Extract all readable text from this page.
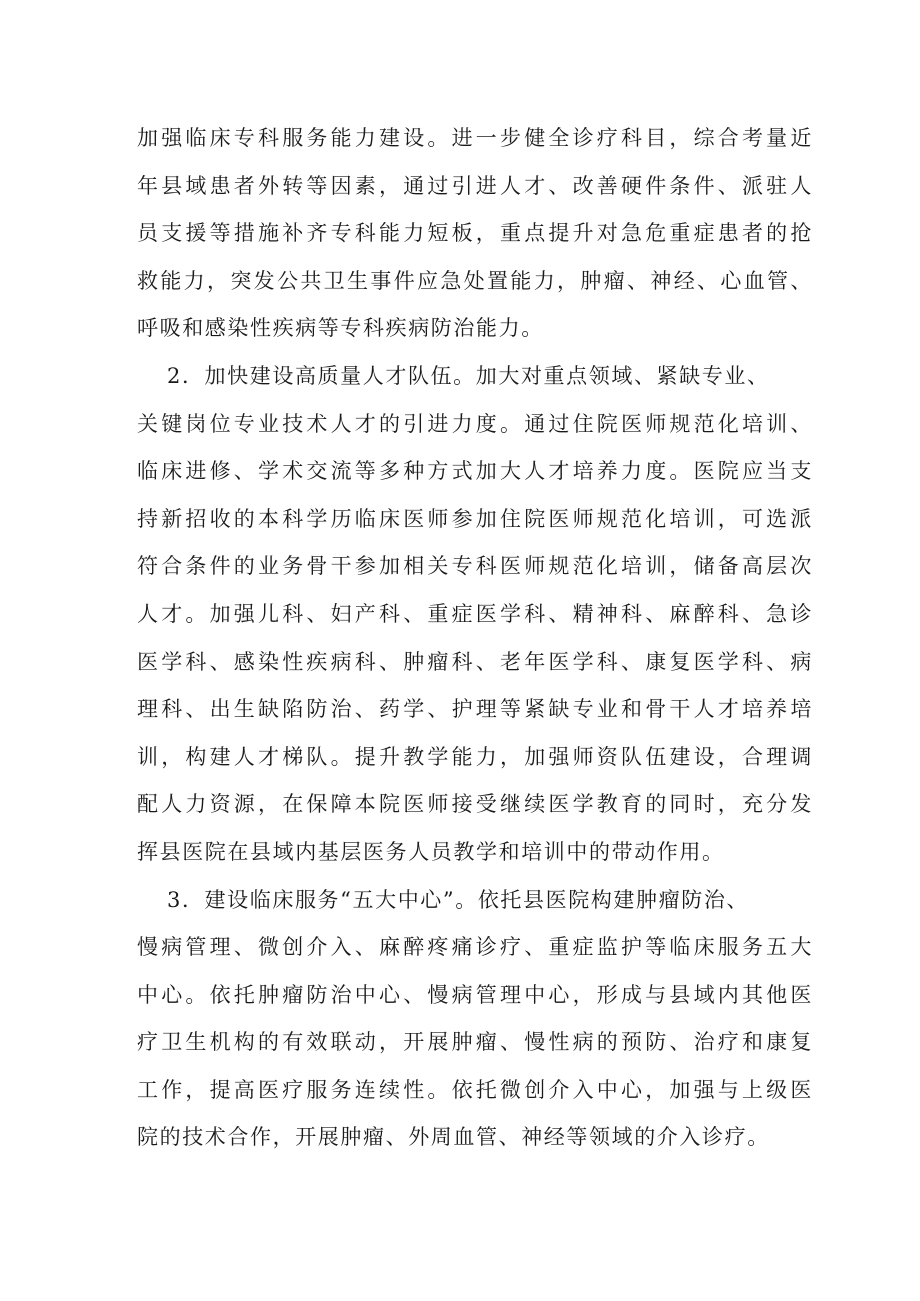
加强临床专科服务能力建设。进一步健全诊疗科目，综合考量近
年县域患者外转等因素，通过引进人才、改善硬件条件、派驻人
员支援等措施补齐专科能力短板，重点提升对急危重症患者的抢
救能力，突发公共卫生事件应急处置能力，肿瘤、神经、心血管、
呼吸和感染性疾病等专科疾病防治能力。
2．加快建设高质量人才队伍。加大对重点领域、紧缺专业、
关键岗位专业技术人才的引进力度。通过住院医师规范化培训、
临床进修、学术交流等多种方式加大人才培养力度。医院应当支
持新招收的本科学历临床医师参加住院医师规范化培训，可选派
符合条件的业务骨干参加相关专科医师规范化培训，储备高层次
人才。加强儿科、妇产科、重症医学科、精神科、麻醉科、急诊
医学科、感染性疾病科、肿瘤科、老年医学科、康复医学科、病
理科、出生缺陷防治、药学、护理等紧缺专业和骨干人才培养培
训，构建人才梯队。提升教学能力，加强师资队伍建设，合理调
配人力资源，在保障本院医师接受继续医学教育的同时，充分发
挥县医院在县域内基层医务人员教学和培训中的带动作用。
3．建设临床服务“五大中心”。依托县医院构建肿瘤防治、
慢病管理、微创介入、麻醉疼痛诊疗、重症监护等临床服务五大
中心。依托肿瘤防治中心、慢病管理中心，形成与县域内其他医
疗卫生机构的有效联动，开展肿瘤、慢性病的预防、治疗和康复
工作，提高医疗服务连续性。依托微创介入中心，加强与上级医
院的技术合作，开展肿瘤、外周血管、神经等领域的介入诊疗。
